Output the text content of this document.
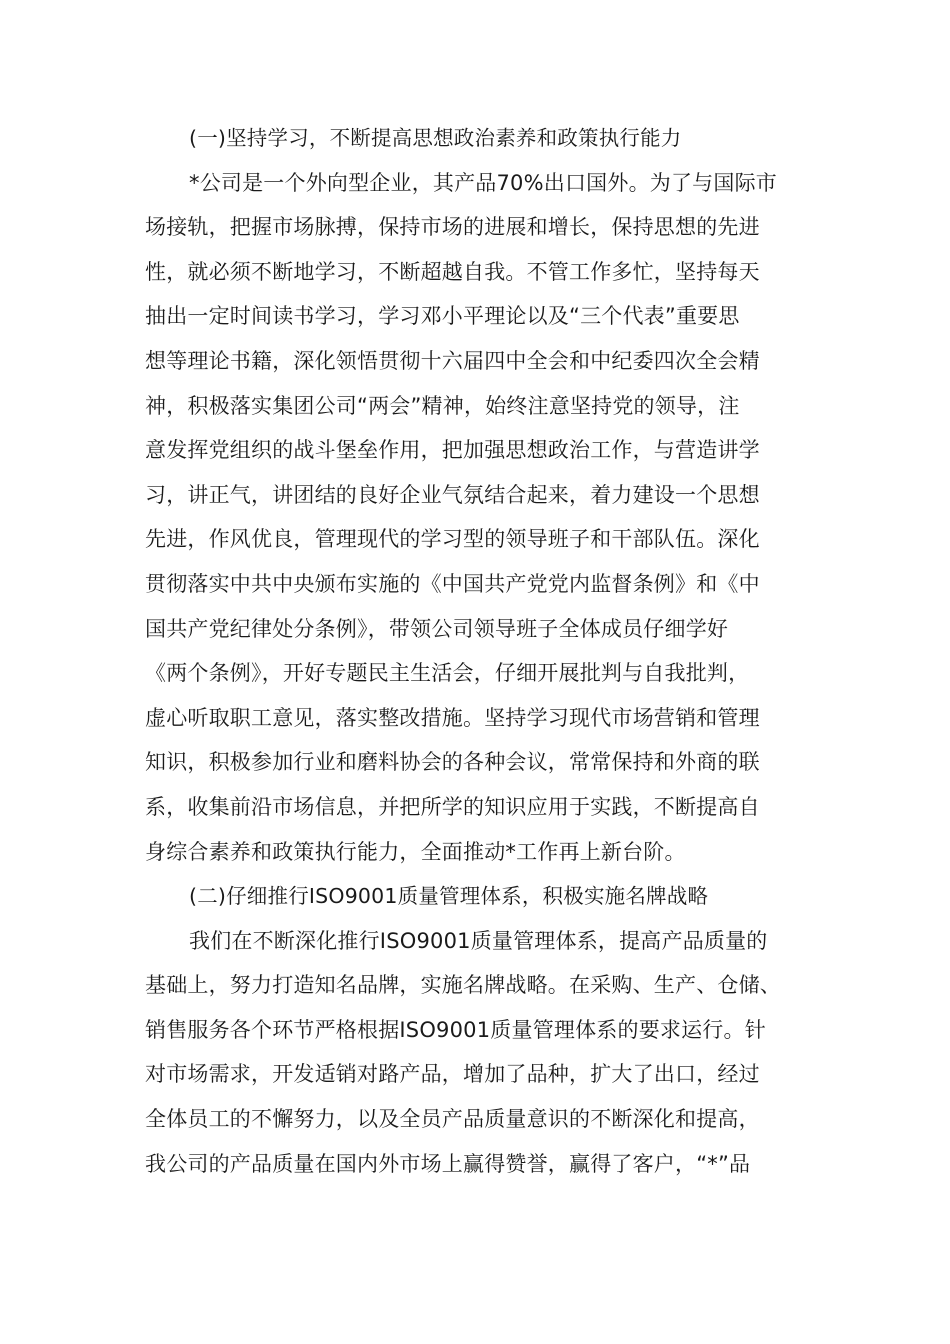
(一)坚持学习，不断提高思想政治素养和政策执行能力
*公司是一个外向型企业，其产品70%出口国外。为了与国际市
场接轨，把握市场脉搏，保持市场的进展和增长，保持思想的先进
性，就必须不断地学习，不断超越自我。不管工作多忙，坚持每天
抽出一定时间读书学习，学习邓小平理论以及“三个代表”重要思
想等理论书籍，深化领悟贯彻十六届四中全会和中纪委四次全会精
神，积极落实集团公司“两会”精神，始终注意坚持党的领导，注
意发挥党组织的战斗堡垒作用，把加强思想政治工作，与营造讲学
习，讲正气，讲团结的良好企业气氛结合起来，着力建设一个思想
先进，作风优良，管理现代的学习型的领导班子和干部队伍。深化
贯彻落实中共中央颁布实施的《中国共产党党内监督条例》和《中
国共产党纪律处分条例》，带领公司领导班子全体成员仔细学好
《两个条例》，开好专题民主生活会，仔细开展批判与自我批判，
虚心听取职工意见，落实整改措施。坚持学习现代市场营销和管理
知识，积极参加行业和磨料协会的各种会议，常常保持和外商的联
系，收集前沿市场信息，并把所学的知识应用于实践，不断提高自
身综合素养和政策执行能力，全面推动*工作再上新台阶。
(二)仔细推行ISO9001质量管理体系，积极实施名牌战略
我们在不断深化推行ISO9001质量管理体系，提高产品质量的
基础上，努力打造知名品牌，实施名牌战略。在采购、生产、仓储、
销售服务各个环节严格根据ISO9001质量管理体系的要求运行。针
对市场需求，开发适销对路产品，增加了品种，扩大了出口，经过
全体员工的不懈努力，以及全员产品质量意识的不断深化和提高，
我公司的产品质量在国内外市场上赢得赞誉，赢得了客户，“*”品
